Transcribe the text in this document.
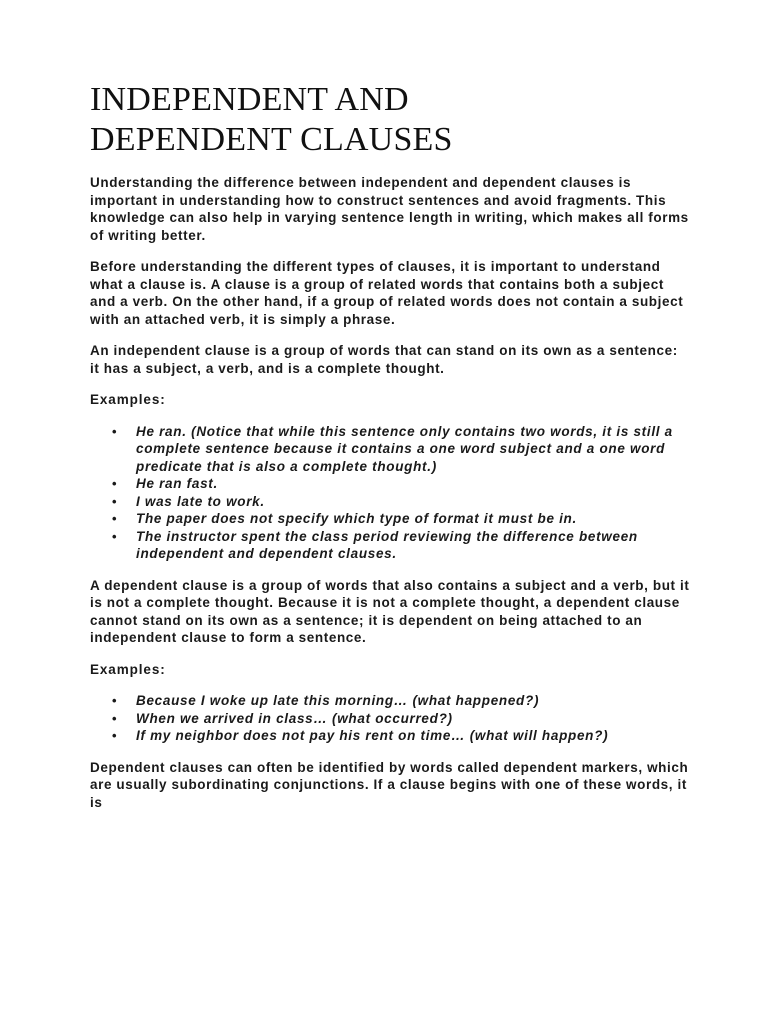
INDEPENDENT AND
DEPENDENT CLAUSES

Understanding the difference between independent and dependent clauses is important in understanding how to construct sentences and avoid fragments. This knowledge can also help in varying sentence length in writing, which makes all forms of writing better.

Before understanding the different types of clauses, it is important to understand what a clause is. A clause is a group of related words that contains both a subject and a verb. On the other hand, if a group of related words does not contain a subject with an attached verb, it is simply a phrase.

An independent clause is a group of words that can stand on its own as a sentence: it has a subject, a verb, and is a complete thought.

Examples:

• He ran. (Notice that while this sentence only contains two words, it is still a complete sentence because it contains a one word subject and a one word predicate that is also a complete thought.)
• He ran fast.
• I was late to work.
• The paper does not specify which type of format it must be in.
• The instructor spent the class period reviewing the difference between independent and dependent clauses.

A dependent clause is a group of words that also contains a subject and a verb, but it is not a complete thought. Because it is not a complete thought, a dependent clause cannot stand on its own as a sentence; it is dependent on being attached to an independent clause to form a sentence.

Examples:

• Because I woke up late this morning… (what happened?)
• When we arrived in class… (what occurred?)
• If my neighbor does not pay his rent on time… (what will happen?)

Dependent clauses can often be identified by words called dependent markers, which are usually subordinating conjunctions. If a clause begins with one of these words, it is
